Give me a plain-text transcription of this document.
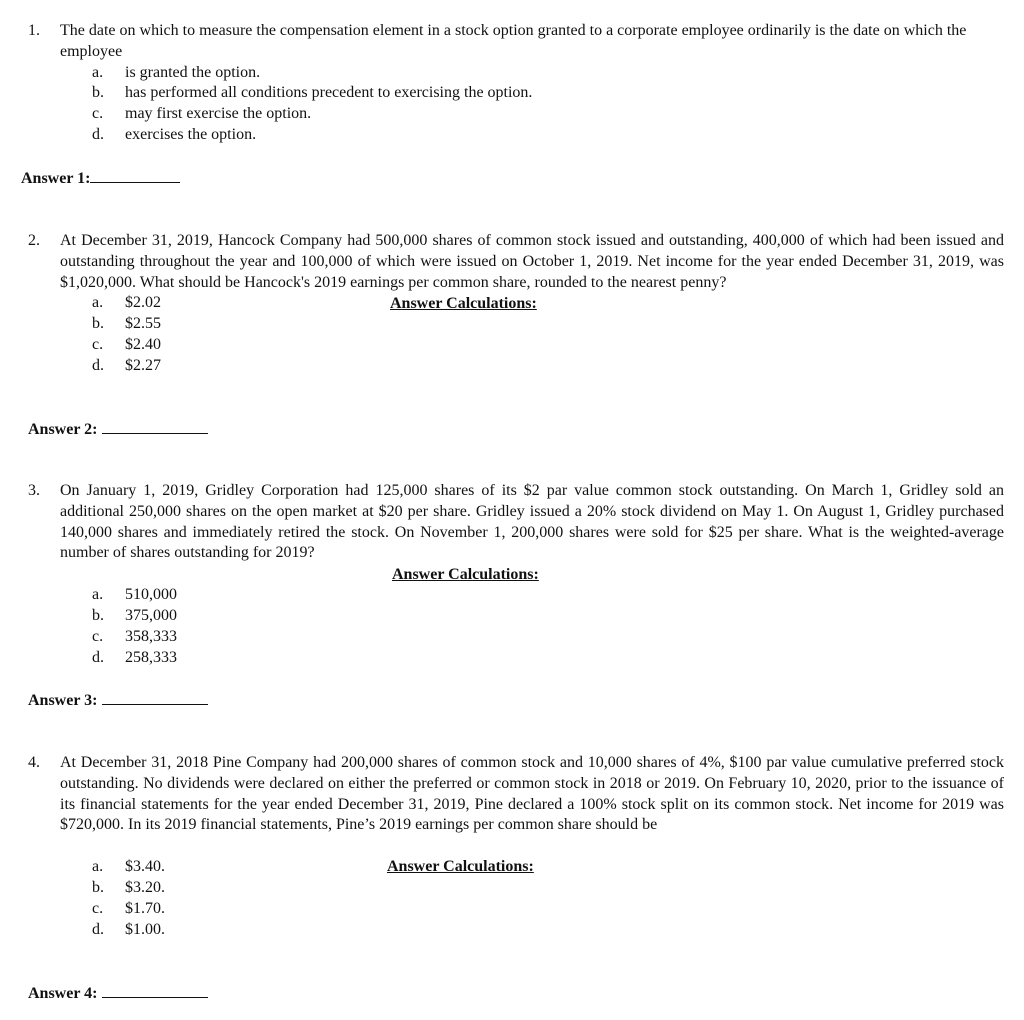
1.	The date on which to measure the compensation element in a stock option granted to a corporate employee ordinarily is the date on which the employee

a.	is granted the option.
b.	has performed all conditions precedent to exercising the option.
c.	may first exercise the option.
d.	exercises the option.
Answer 1:
2.	At December 31, 2019, Hancock Company had 500,000 shares of common stock issued and outstanding, 400,000 of which had been issued and outstanding throughout the year and 100,000 of which were issued on October 1, 2019. Net income for the year ended December 31, 2019, was $1,020,000. What should be Hancock's 2019 earnings per common share, rounded to the nearest penny?

a.	$2.02
b.	$2.55
c.	$2.40
d.	$2.27
Answer Calculations:
Answer 2:
3.	On January 1, 2019, Gridley Corporation had 125,000 shares of its $2 par value common stock outstanding. On March 1, Gridley sold an additional 250,000 shares on the open market at $20 per share. Gridley issued a 20% stock dividend on May 1. On August 1, Gridley purchased 140,000 shares and immediately retired the stock. On November 1, 200,000 shares were sold for $25 per share. What is the weighted-average number of shares outstanding for 2019?

a.	510,000
b.	375,000
c.	358,333
d.	258,333
Answer Calculations:
Answer 3:
4.	At December 31, 2018 Pine Company had 200,000 shares of common stock and 10,000 shares of 4%, $100 par value cumulative preferred stock outstanding. No dividends were declared on either the preferred or common stock in 2018 or 2019. On February 10, 2020, prior to the issuance of its financial statements for the year ended December 31, 2019, Pine declared a 100% stock split on its common stock. Net income for 2019 was $720,000. In its 2019 financial statements, Pine’s 2019 earnings per common share should be

a.	$3.40.
b.	$3.20.
c.	$1.70.
d.	$1.00.
Answer Calculations:
Answer 4:
